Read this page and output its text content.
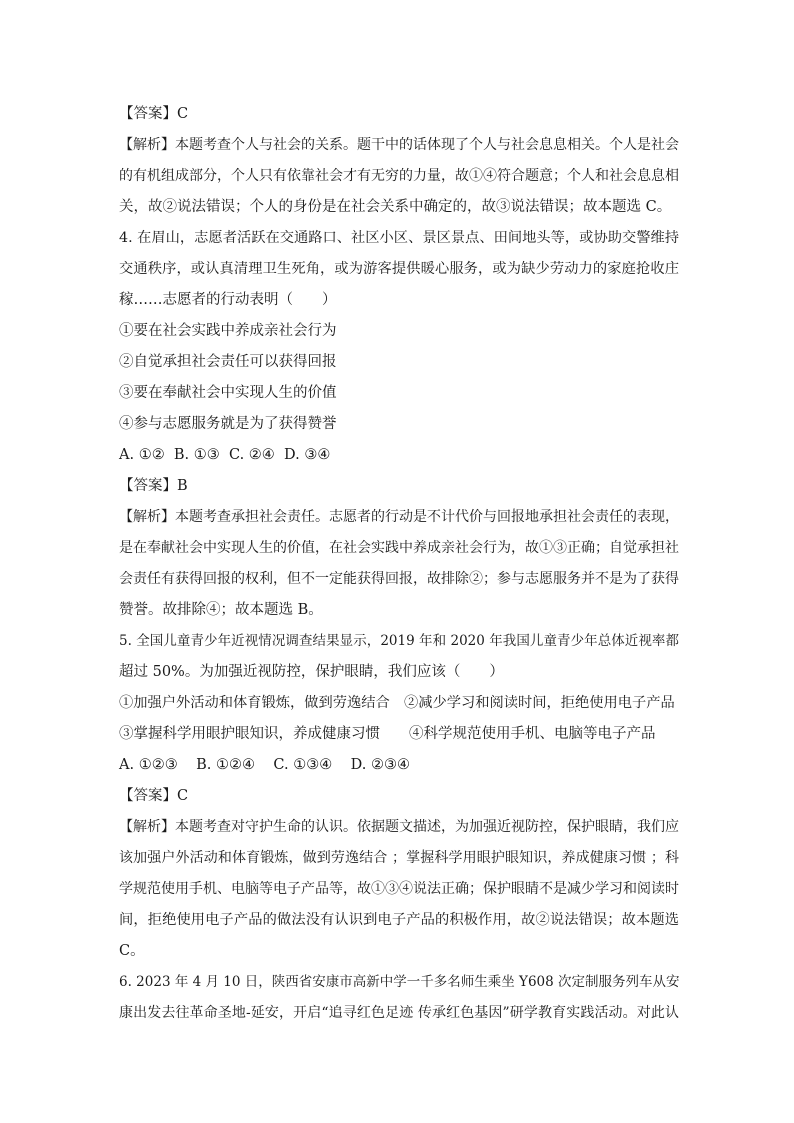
【答案】C
【解析】本题考查个人与社会的关系。题干中的话体现了个人与社会息息相关。个人是社会
的有机组成部分，个人只有依靠社会才有无穷的力量，故①④符合题意；个人和社会息息相
关，故②说法错误；个人的身份是在社会关系中确定的，故③说法错误；故本题选 C。
4. 在眉山，志愿者活跃在交通路口、社区小区、景区景点、田间地头等，或协助交警维持
交通秩序，或认真清理卫生死角，或为游客提供暖心服务，或为缺少劳动力的家庭抢收庄
稼……志愿者的行动表明（　　）
①要在社会实践中养成亲社会行为
②自觉承担社会责任可以获得回报
③要在奉献社会中实现人生的价值
④参与志愿服务就是为了获得赞誉
A. ①②  B. ①③  C. ②④  D. ③④
【答案】B
【解析】本题考查承担社会责任。志愿者的行动是不计代价与回报地承担社会责任的表现，
是在奉献社会中实现人生的价值，在社会实践中养成亲社会行为，故①③正确；自觉承担社
会责任有获得回报的权利，但不一定能获得回报，故排除②；参与志愿服务并不是为了获得
赞誉。故排除④；故本题选 B。
5. 全国儿童青少年近视情况调查结果显示，2019 年和 2020 年我国儿童青少年总体近视率都
超过 50%。为加强近视防控，保护眼睛，我们应该（　　）
①加强户外活动和体育锻炼，做到劳逸结合　②减少学习和阅读时间，拒绝使用电子产品
③掌握科学用眼护眼知识，养成健康习惯　　④科学规范使用手机、电脑等电子产品
A. ①②③    B. ①②④    C. ①③④    D. ②③④
【答案】C
【解析】本题考查对守护生命的认识。依据题文描述，为加强近视防控，保护眼睛，我们应
该加强户外活动和体育锻炼，做到劳逸结合 ；掌握科学用眼护眼知识，养成健康习惯 ；科
学规范使用手机、电脑等电子产品等，故①③④说法正确；保护眼睛不是减少学习和阅读时
间，拒绝使用电子产品的做法没有认识到电子产品的积极作用，故②说法错误；故本题选
C。
6. 2023 年 4 月 10 日，陕西省安康市高新中学一千多名师生乘坐 Y608 次定制服务列车从安
康出发去往革命圣地-延安，开启“追寻红色足迹 传承红色基因”研学教育实践活动。对此认
